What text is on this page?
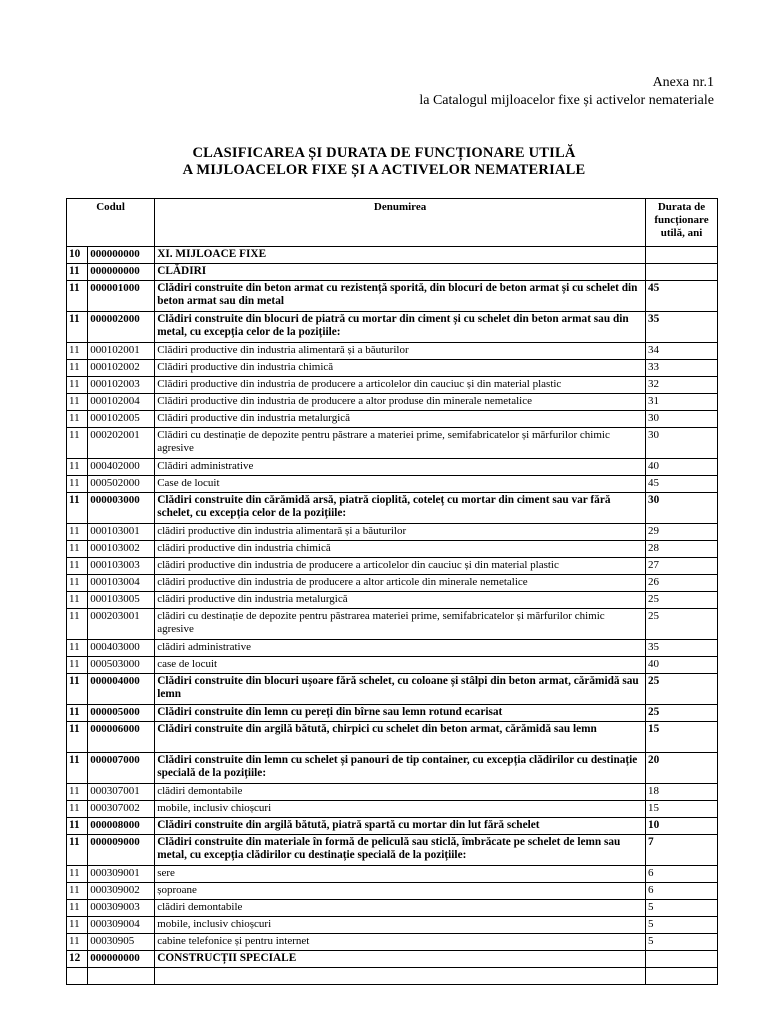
Anexa nr.1
la Catalogul mijloacelor fixe și activelor nemateriale
CLASIFICAREA ȘI DURATA DE FUNCȚIONARE UTILĂ
A MIJLOACELOR FIXE ȘI A ACTIVELOR NEMATERIALE
Codul		Denumirea	Durata de funcționare utilă, ani
10	000000000	XI. MIJLOACE FIXE	
11	000000000	CLĂDIRI	
11	000001000	Clădiri construite din beton armat cu rezistență sporită, din blocuri de beton armat și cu schelet din beton armat sau din metal	45
11	000002000	Clădiri construite din blocuri de piatră cu mortar din ciment și cu schelet din beton armat sau din metal, cu excepția celor de la pozițiile:	35
11	000102001	Clădiri productive din industria alimentară și a băuturilor	34
11	000102002	Clădiri productive din industria chimică	33
11	000102003	Clădiri productive din industria de producere a articolelor din cauciuc și din material plastic	32
11	000102004	Clădiri productive din industria de producere a altor produse din minerale nemetalice	31
11	000102005	Clădiri productive din industria metalurgică	30
11	000202001	Clădiri cu destinație de depozite pentru păstrare a materiei prime, semifabricatelor și mărfurilor chimic agresive	30
11	000402000	Clădiri administrative	40
11	000502000	Case de locuit	45
11	000003000	Clădiri construite din cărămidă arsă, piatră cioplită, coteleț cu mortar din ciment sau var fără schelet, cu excepția celor de la pozițiile:	30
11	000103001	clădiri productive din industria alimentară și a băuturilor	29
11	000103002	clădiri productive din industria chimică	28
11	000103003	clădiri productive din industria de producere a articolelor din cauciuc și din material plastic	27
11	000103004	clădiri productive din industria de producere a altor articole din minerale nemetalice	26
11	000103005	clădiri productive din industria metalurgică	25
11	000203001	clădiri cu destinație de depozite pentru păstrarea materiei prime, semifabricatelor și mărfurilor chimic agresive	25
11	000403000	clădiri administrative	35
11	000503000	case de locuit	40
11	000004000	Clădiri construite din blocuri ușoare fără schelet, cu coloane și stâlpi din beton armat, cărămidă sau lemn	25
11	000005000	Clădiri construite din lemn cu pereți din bîrne sau lemn rotund ecarisat	25
11	000006000	Clădiri construite din argilă bătută, chirpici cu schelet din beton armat, cărămidă sau lemn	15
11	000007000	Clădiri construite din lemn cu schelet și panouri de tip container, cu excepția clădirilor cu destinație specială de la pozițiile:	20
11	000307001	clădiri demontabile	18
11	000307002	mobile, inclusiv chioșcuri	15
11	000008000	Clădiri construite din argilă bătută, piatră spartă cu mortar din lut fără schelet	10
11	000009000	Clădiri construite din materiale în formă de peliculă sau sticlă, îmbrăcate pe schelet de lemn sau metal, cu excepția clădirilor cu destinație specială de la pozițiile:	7
11	000309001	sere	6
11	000309002	șoproane	6
11	000309003	clădiri demontabile	5
11	000309004	mobile, inclusiv chioșcuri	5
11	00030905	cabine telefonice și pentru internet	5
12	000000000	CONSTRUCȚII SPECIALE	
